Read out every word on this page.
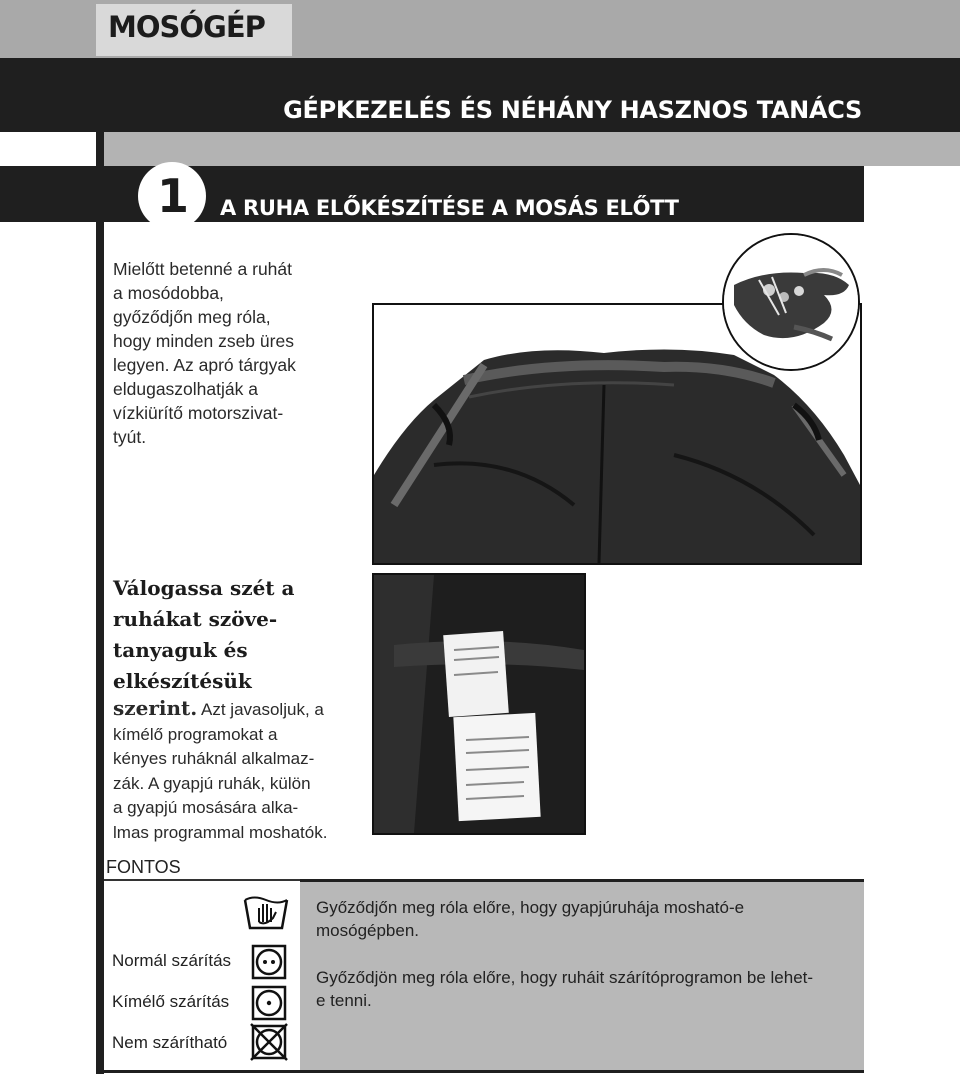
MOSÓGÉP
GÉPKEZELÉS ÉS NÉHÁNY HASZNOS TANÁCS
1	A RUHA ELŐKÉSZÍTÉSE A MOSÁS ELŐTT
Mielőtt betenné a ruhát
a mosódobba,
győződjőn meg róla,
hogy minden zseb üres
legyen. Az apró tárgyak
eldugaszolhatják a
vízkiürítő motorszivat-
tyút.
Válogassa szét a
ruhákat szöve-
tanyaguk és
elkészítésük
szerint. Azt javasoljuk, a
kímélő programokat a
kényes ruháknál alkalmaz-
zák. A gyapjú ruhák, külön
a gyapjú mosására alka-
lmas programmal moshatók.
FONTOS
Győződjőn meg róla előre, hogy gyapjúruhája mosható-e mosógépben.
Győződjön meg róla előre, hogy ruháit szárítóprogramon be lehet-e tenni.
Normál szárítás
Kímélő szárítás
Nem szárítható
